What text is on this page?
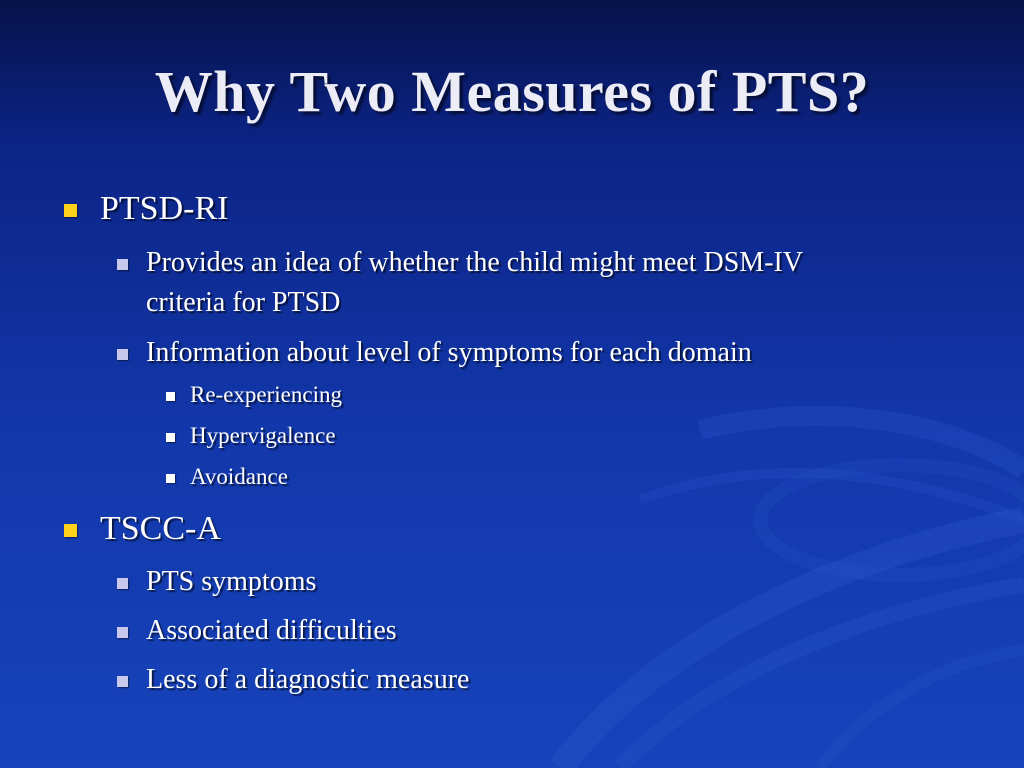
Why Two Measures of PTS?
PTSD-RI
Provides an idea of whether the child might meet DSM-IV
criteria for PTSD
Information about level of symptoms for each domain
Re-experiencing
Hypervigalence
Avoidance
TSCC-A
PTS symptoms
Associated difficulties
Less of a diagnostic measure
